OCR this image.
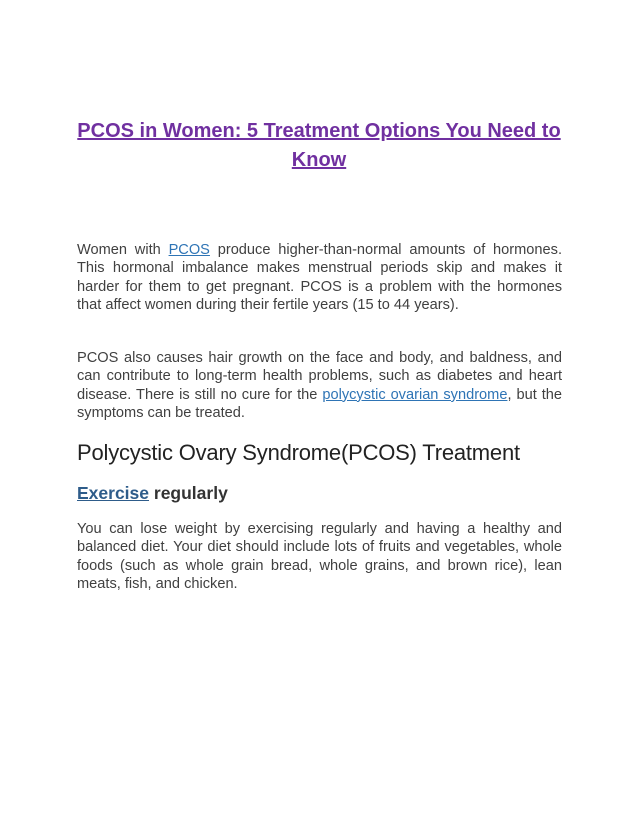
PCOS in Women: 5 Treatment Options You Need to Know

Women with PCOS produce higher-than-normal amounts of hormones. This hormonal imbalance makes menstrual periods skip and makes it harder for them to get pregnant. PCOS is a problem with the hormones that affect women during their fertile years (15 to 44 years).

PCOS also causes hair growth on the face and body, and baldness, and can contribute to long-term health problems, such as diabetes and heart disease. There is still no cure for the polycystic ovarian syndrome, but the symptoms can be treated.

Polycystic Ovary Syndrome(PCOS) Treatment
Exercise regularly

You can lose weight by exercising regularly and having a healthy and balanced diet. Your diet should include lots of fruits and vegetables, whole foods (such as whole grain bread, whole grains, and brown rice), lean meats, fish, and chicken.
